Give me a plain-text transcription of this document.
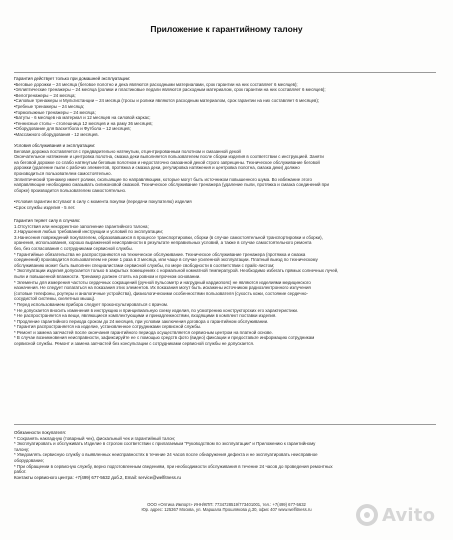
Приложение к гарантийному талону
Гарантия действует только при домашней эксплуатации:
•Беговые дорожки – 24 месяца (беговое полотно и дека являются расходными материалами, срок гарантии на них составляет 6 месяцев);
•Эллиптические тренажеры – 24 месяца (ролики и пластиковые педали являются расходным материалом, срок гарантии на них составляет 6 месяцев);
•Велотренажеры – 24 месяца;
•Силовые тренажеры и Мультистанции – 24 месяца (тросы и ролики являются расходным материалом, срок гарантии на них составляет 6 месяцев);
•Гребные тренажеры – 24 месяца;
•Гормолыжные тренажеры – 24 месяца;
•Батуты - 6 месяцев на материал и 12 месяцев на силовой каркас;
•Теннисные столы – столешница 12 месяцев и на раму 36 месяцев;
•Оборудование для Баскетбола и Футбола – 12 месяцев;
•Массажного оборудования - 12 месяцев.
Условия обслуживания и эксплуатации:
Беговая дорожка поставляется с предварительно натянутым, отцентрированным полотном и смазанной декой
Окончательное натяжение и центровка полотна, смазка деки выполняется пользователем после сборки изделия в соответствии с инструкцией. Заняти
на беговой дорожке со слабо натянутым беговым полотном и недостаточно смазанной декой строго запрещены. Техническое обслуживание беговой
дорожки (удаление пыли с рабочих элементов, протяжка и смазка деки, регулировка натяжения и центровка полотна, смазка деки) должно
производиться пользователем самостоятельно.
Эллиптический тренажер имеет ролики, скользящие по направляющим, которые могут быть источником повышенного шума. Во избежание этого
направляющие необходимо смазывать силиконовой смазкой. Техническое обслуживание тренажера (удаление пыли, протяжка и смазка соединений при
сборке) производится пользователем самостоятельно.
•Условия гарантии вступают в силу с момента покупки (передачи покупателю) изделия
•Срок службы изделия - 5 лет.
Гарантия теряет силу в случаях:
1.Отсутствия или некорректное заполнение гарантийного талона;
2.Нарушения любых требований инструкции и условий по эксплуатации;
3.Нанесения повреждений покупателем, образовавшихся в процессе транспортировки, сборки (в случае самостоятельной транспортировки и сборки),
хранения, использования, хорошо выраженной неисправности в результате неправильных условий, а также в случае самостоятельного ремонта
без, без согласования с сотрудниками сервисной службы.
* Гарантийные обязательства не распространяются на техническое обслуживание. Техническое обслуживание тренажера (протяжка и смазка
соединений) производится пользователем не реже 1 раза в 3 месяца, или чаще в случае усиленной эксплуатации. Платный выезд по техническому
обслуживанию может быть выполнен специалистами сервисной службы, по мере свободности в соответствии с прайс-листом;
* Эксплуатации изделия допускается только в закрытых помещениях с нормальной комнатной температурой. Необходимо избегать прямых солнечных лучей,
пыли и повышенной влажности. Тренажер должен стоять на ровном и прочном основании.
* Элементы для измерения частоты сердечных сокращений (ручной пульсометр и нагрудный кардиопояс) не являются изделиями медицинского
назначения. Не следует полагаться на показания этих элементов. Их показания могут быть искажены источником радиоэлектронного излучения
(сотовые телефоны, роутеры и аналогичные устройства), физиологическими особенностями пользователя (сухость кожи, состояние сердечно-
сосудистой системы, скелетных мышц).
* Перед использованием прибора следует проконсультироваться с врачом.
* Не допускается вносить изменения в инструкцию и принципиальную схему изделия, по усмотрению конструкторских его характеристики.
* Не распространяется на вещи, являющиеся комплектующими и принадлежностями, входящими в комплект поставки изделия.
* Продление гарантийного периода сроком до 24 месяцев, при условии заключения договора о гарантийном обслуживании.
* Гарантия распространяется на изделие, установленное сотрудниками сервисной службы.
* Ремонт и замена запчастей после окончания гарантийного периода осуществляется сервисным центром на платной основе.
* В случае возникновения неисправности, зафиксируйте ее с помощью средств фото (видео) фиксации и предоставьте информацию сотрудникам
сервисной службы. Ремонт и замена запчастей без консультации с сотрудниками сервисной службы не допускается.
Обязанности покупателя:
* Сохранять накладную (товарный чек), фискальный чек и гарантийный талон;
* Эксплуатировать и обслуживать Изделие в строгом соответствии с прилагаемым "Руководством по эксплуатации" и Приложению к гарантийному
талону;
* Уведомлять сервисную службу о выявленных неисправностях в течение 24 часов после обнаружения дефекта и не эксплуатировать неисправное
оборудование;
* При обращении в сервисную службу, верно подготовленным сведениям, при необходимости обслуживания в течение 24 часов до проведения ремонтных
работ.
Контакты сервисного центра: +7(499) 677-5632 доб.2, Email: service@welfitness.ru
ООО «Оптика Импорт» ИНН/КПП: 7734728519/773401001, тел.: +7(499) 677-5632
Юр. адрес: 125367 Москва, ул. Маршала Прошлякова д.30, офис 407 www.welfitness.ru	Avito
